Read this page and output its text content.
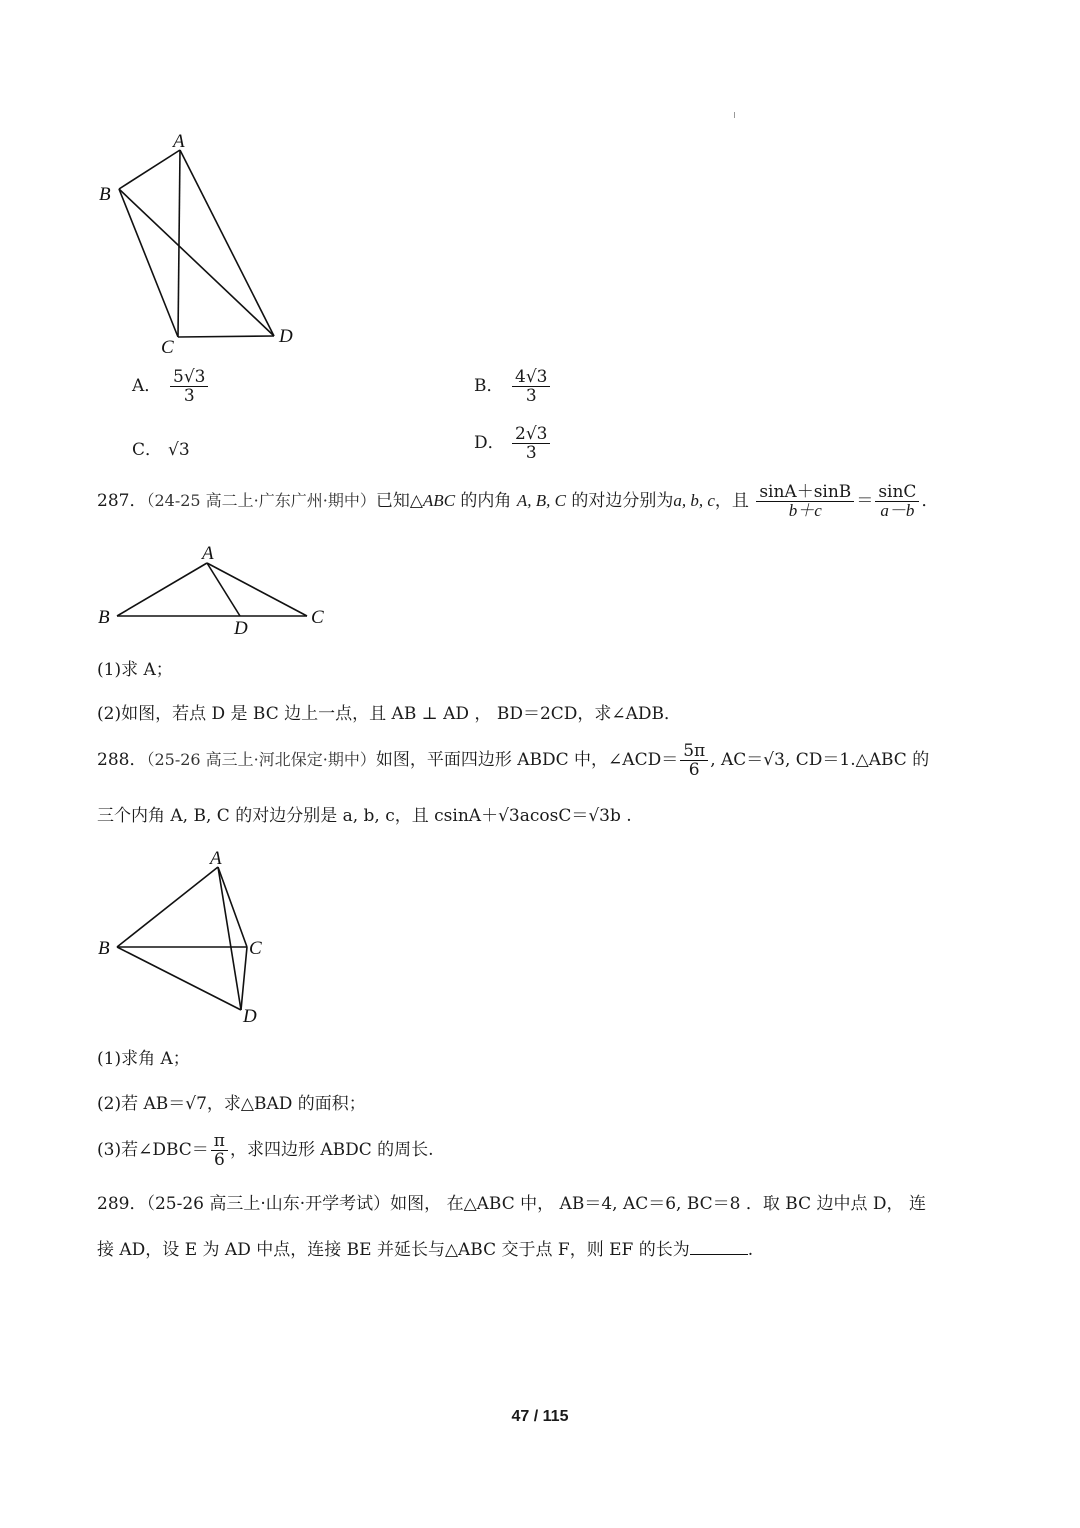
A
B
C
D
A． $\frac{5√3}{3}$	B． $\frac{4√3}{3}$
C． √3	D． $\frac{2√3}{3}$
287．（24-25 高二上·广东广州·期中）已知△ABC 的内角 A, B, C 的对边分别为a, b, c，且 $\frac{\sin A+\sin B}{b+c} = \frac{\sin C}{a-b}$ ．
A
B	C
D
(1)求 A；
(2)如图，若点 D 是 BC 边上一点，且 AB ⊥ AD ， BD＝2CD，求∠ADB．
288．（25-26 高三上·河北保定·期中）如图，平面四边形 ABDC 中，∠ACD＝ $\frac{5\pi}{6}$ , AC＝√3, CD＝1.△ABC 的
三个内角 A, B, C 的对边分别是 a, b, c，且 csinA＋√3acosC＝√3b .
A
B	C
D
(1)求角 A；
(2)若 AB＝√7，求△BAD 的面积；
(3)若∠DBC＝ $\frac{\pi}{6}$ ，求四边形 ABDC 的周长.
289．（25-26 高三上·山东·开学考试）如图， 在△ABC 中， AB＝4, AC＝6, BC＝8 ．取 BC 边中点 D， 连
接 AD，设 E 为 AD 中点，连接 BE 并延长与△ABC 交于点 F，则 EF 的长为	.
47 / 115
